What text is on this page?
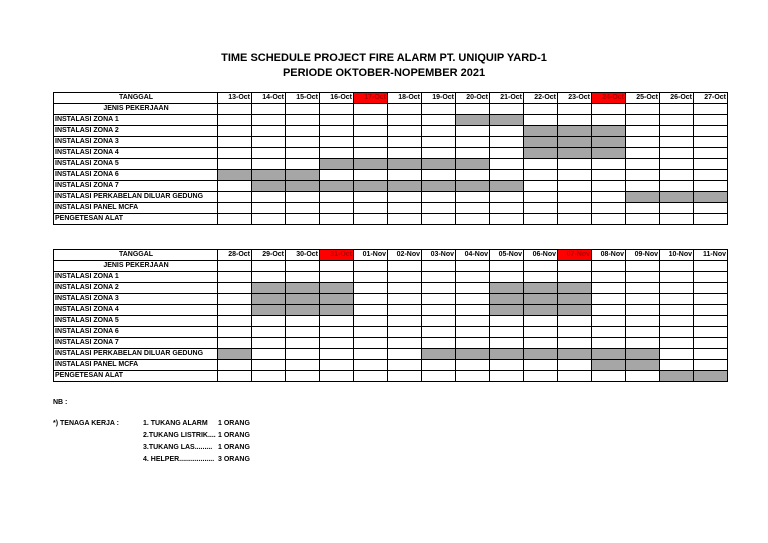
TIME SCHEDULE PROJECT FIRE ALARM PT. UNIQUIP YARD-1
PERIODE OKTOBER-NOPEMBER 2021
TANGGAL	13-Oct	14-Oct	15-Oct	16-Oct	17-Oct	18-Oct	19-Oct	20-Oct	21-Oct	22-Oct	23-Oct	24-Oct	25-Oct	26-Oct	27-Oct
JENIS PEKERJAAN															
INSTALASI ZONA 1															
INSTALASI ZONA 2															
INSTALASI ZONA 3															
INSTALASI ZONA 4															
INSTALASI ZONA 5															
INSTALASI ZONA 6															
INSTALASI ZONA 7															
INSTALASI PERKABELAN DILUAR GEDUNG															
INSTALASI PANEL MCFA															
PENGETESAN ALAT															
TANGGAL	28-Oct	29-Oct	30-Oct	31-Oct	01-Nov	02-Nov	03-Nov	04-Nov	05-Nov	06-Nov	07-Nov	08-Nov	09-Nov	10-Nov	11-Nov
JENIS PEKERJAAN															
INSTALASI ZONA 1															
INSTALASI ZONA 2															
INSTALASI ZONA 3															
INSTALASI ZONA 4															
INSTALASI ZONA 5															
INSTALASI ZONA 6															
INSTALASI ZONA 7															
INSTALASI PERKABELAN DILUAR GEDUNG															
INSTALASI PANEL MCFA															
PENGETESAN ALAT															
NB :
*) TENAGA KERJA :	1. TUKANG ALARM 1 ORANG
2.TUKANG LISTRIK.... 1 ORANG
3.TUKANG LAS......... 1 ORANG
4. HELPER.................. 3 ORANG
